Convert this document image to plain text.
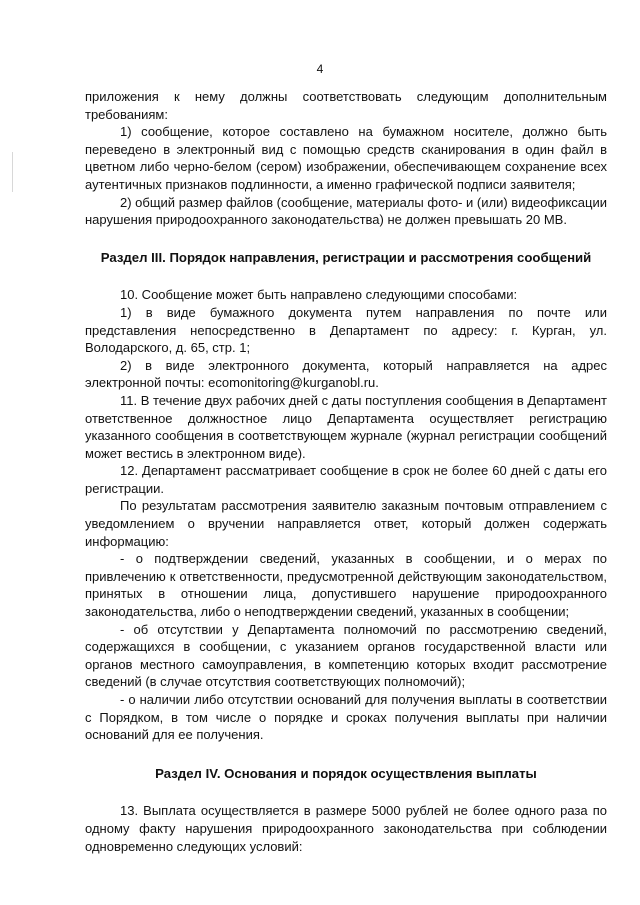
4

приложения к нему должны соответствовать следующим дополнительным требованиям:

1) сообщение, которое составлено на бумажном носителе, должно быть переведено в электронный вид с помощью средств сканирования в один файл в цветном либо черно-белом (сером) изображении, обеспечивающем сохранение всех аутентичных признаков подлинности, а именно графической подписи заявителя;

2) общий размер файлов (сообщение, материалы фото- и (или) видеофиксации нарушения природоохранного законодательства) не должен превышать 20 MB.

Раздел III. Порядок направления, регистрации и рассмотрения сообщений

10. Сообщение может быть направлено следующими способами:

1) в виде бумажного документа путем направления по почте или представления непосредственно в Департамент по адресу: г. Курган, ул. Володарского, д. 65, стр. 1;

2) в виде электронного документа, который направляется на адрес электронной почты: ecomonitoring@kurganobl.ru.

11. В течение двух рабочих дней с даты поступления сообщения в Департамент ответственное должностное лицо Департамента осуществляет регистрацию указанного сообщения в соответствующем журнале (журнал регистрации сообщений может вестись в электронном виде).

12. Департамент рассматривает сообщение в срок не более 60 дней с даты его регистрации.

По результатам рассмотрения заявителю заказным почтовым отправлением с уведомлением о вручении направляется ответ, который должен содержать информацию:

- о подтверждении сведений, указанных в сообщении, и о мерах по привлечению к ответственности, предусмотренной действующим законодательством, принятых в отношении лица, допустившего нарушение природоохранного законодательства, либо о неподтверждении сведений, указанных в сообщении;

- об отсутствии у Департамента полномочий по рассмотрению сведений, содержащихся в сообщении, с указанием органов государственной власти или органов местного самоуправления, в компетенцию которых входит рассмотрение сведений (в случае отсутствия соответствующих полномочий);

- о наличии либо отсутствии оснований для получения выплаты в соответствии с Порядком, в том числе о порядке и сроках получения выплаты при наличии оснований для ее получения.

Раздел IV. Основания и порядок осуществления выплаты

13. Выплата осуществляется в размере 5000 рублей не более одного раза по одному факту нарушения природоохранного законодательства при соблюдении одновременно следующих условий:
